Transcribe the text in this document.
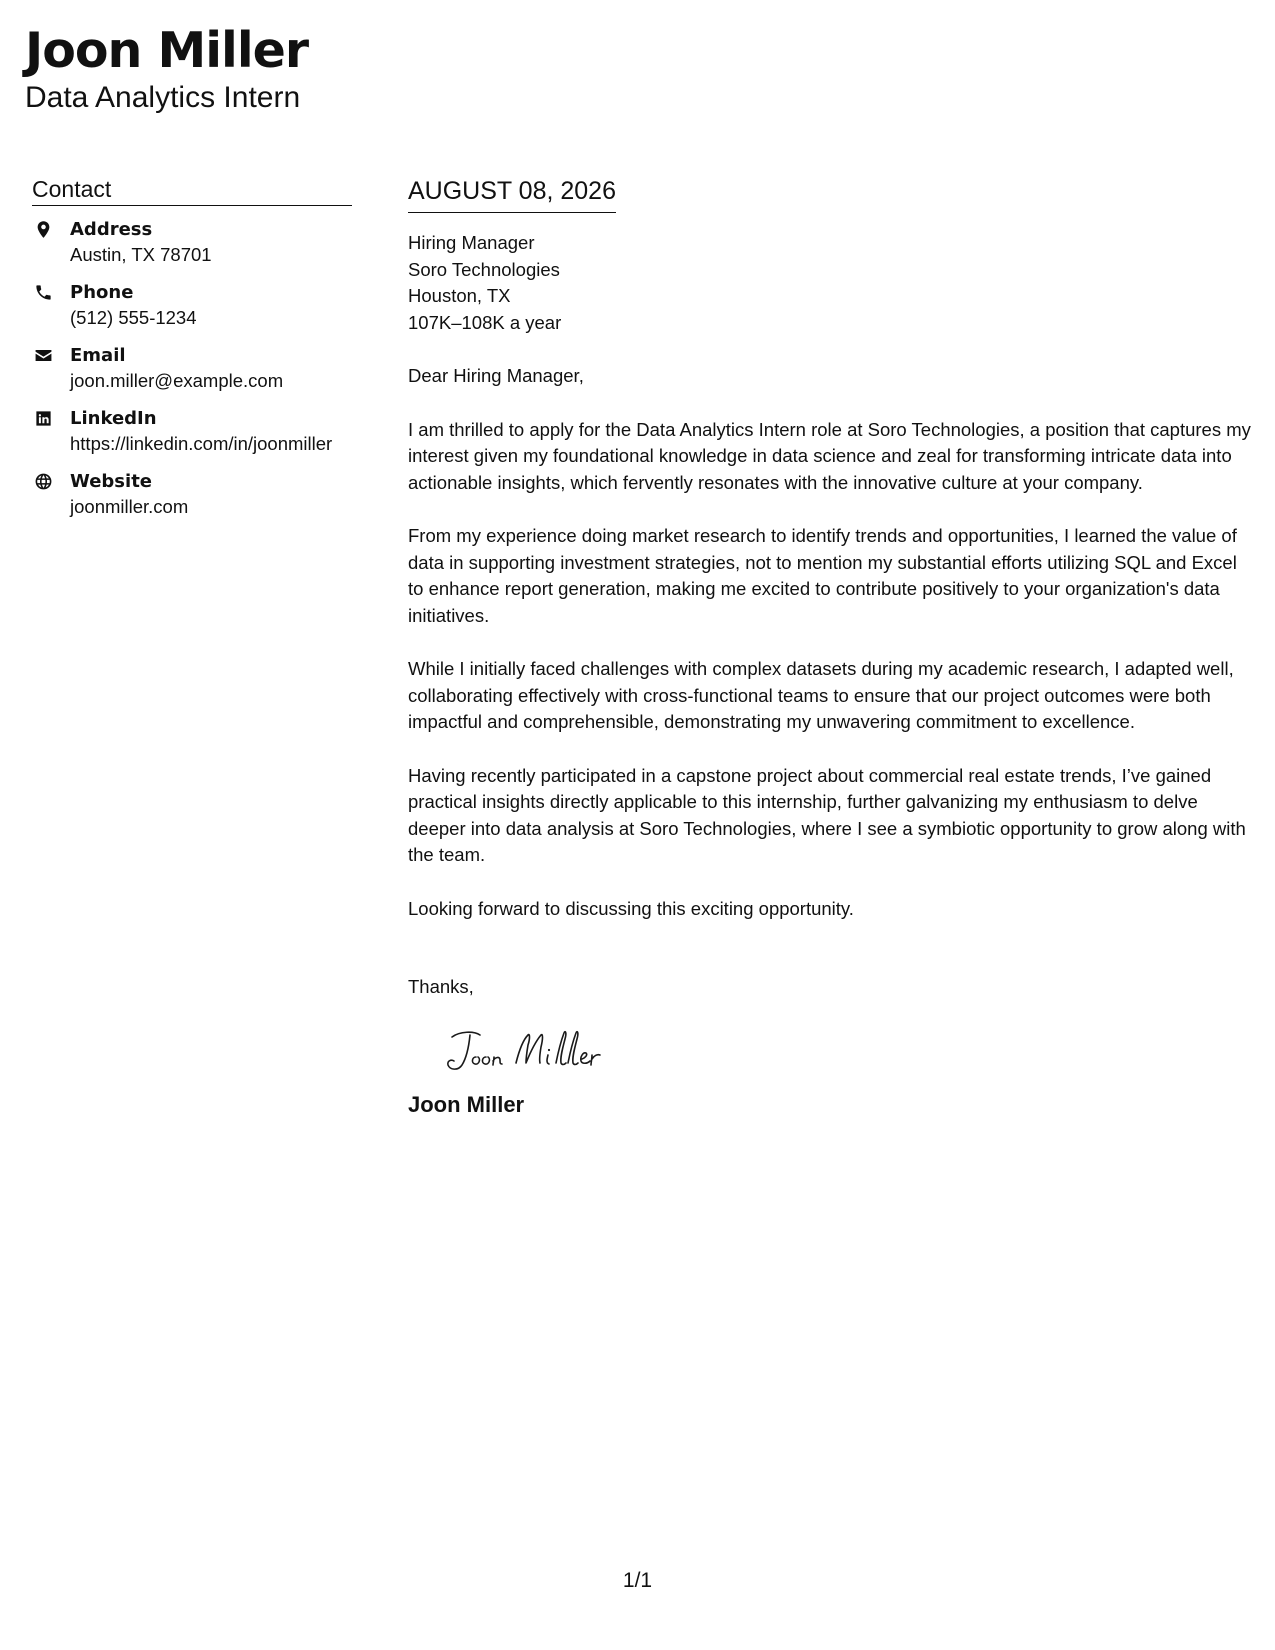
Joon Miller
Data Analytics Intern
Contact
Address
Austin, TX 78701
Phone
(512) 555-1234
Email
joon.miller@example.com
LinkedIn
https://linkedin.com/in/joonmiller
Website
joonmiller.com
AUGUST 08, 2026
Hiring Manager
Soro Technologies
Houston, TX
107K–108K a year

Dear Hiring Manager,

I am thrilled to apply for the Data Analytics Intern role at Soro Technologies, a position that captures my interest given my foundational knowledge in data science and zeal for transforming intricate data into actionable insights, which fervently resonates with the innovative culture at your company.

From my experience doing market research to identify trends and opportunities, I learned the value of data in supporting investment strategies, not to mention my substantial efforts utilizing SQL and Excel to enhance report generation, making me excited to contribute positively to your organization's data initiatives.

While I initially faced challenges with complex datasets during my academic research, I adapted well, collaborating effectively with cross-functional teams to ensure that our project outcomes were both impactful and comprehensible, demonstrating my unwavering commitment to excellence.

Having recently participated in a capstone project about commercial real estate trends, I’ve gained practical insights directly applicable to this internship, further galvanizing my enthusiasm to delve deeper into data analysis at Soro Technologies, where I see a symbiotic opportunity to grow along with the team.

Looking forward to discussing this exciting opportunity.

Thanks,

Joon Miller
1/1
